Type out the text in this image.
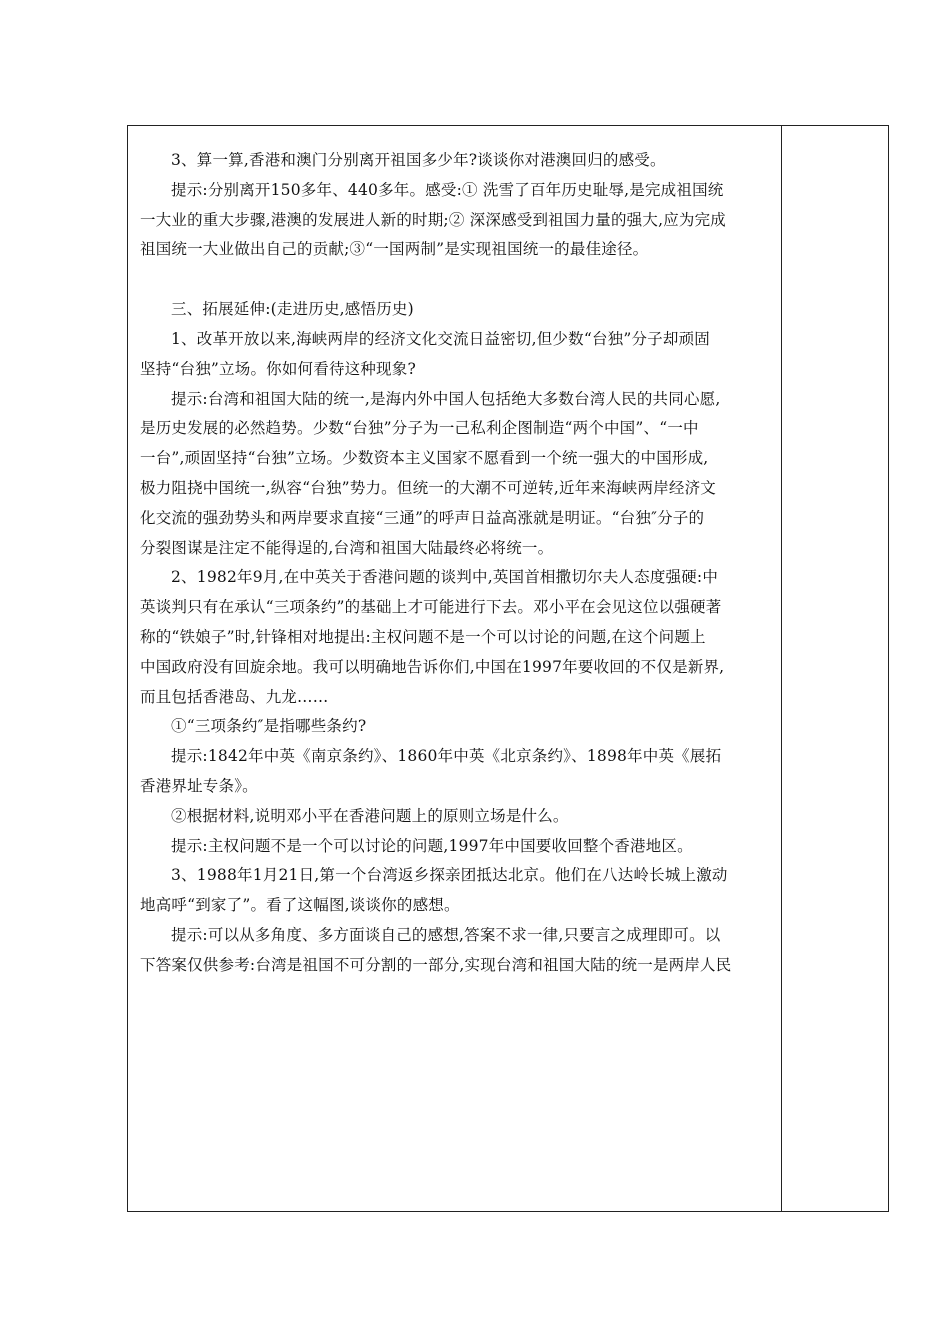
3、算一算,香港和澳门分别离开祖国多少年?谈谈你对港澳回归的感受。
提示:分别离开150多年、440多年。感受:① 洗雪了百年历史耻辱,是完成祖国统
一大业的重大步骤,港澳的发展进人新的时期;② 深深感受到祖国力量的强大,应为完成
祖国统一大业做出自己的贡献;③“一国两制”是实现祖国统一的最佳途径。
三、拓展延伸:(走进历史,感悟历史)
1、改革开放以来,海峡两岸的经济文化交流日益密切,但少数“台独”分子却顽固
坚持“台独”立场。你如何看待这种现象?
提示:台湾和祖国大陆的统一,是海内外中国人包括绝大多数台湾人民的共同心愿,
是历史发展的必然趋势。少数“台独”分子为一己私利企图制造“两个中国”、“一中
一台”,顽固坚持“台独”立场。少数资本主义国家不愿看到一个统一强大的中国形成,
极力阻挠中国统一,纵容“台独”势力。但统一的大潮不可逆转,近年来海峡两岸经济文
化交流的强劲势头和两岸要求直接“三通”的呼声日益高涨就是明证。“台独″分子的
分裂图谋是注定不能得逞的,台湾和祖国大陆最终必将统一。
2、1982年9月,在中英关于香港问题的谈判中,英国首相撒切尔夫人态度强硬:中
英谈判只有在承认“三项条约”的基础上才可能进行下去。邓小平在会见这位以强硬著
称的“铁娘子”时,针锋相对地提出:主权问题不是一个可以讨论的问题,在这个问题上
中国政府没有回旋余地。我可以明确地告诉你们,中国在1997年要收回的不仅是新界,
而且包括香港岛、九龙……
①“三项条约″是指哪些条约?
提示:1842年中英《南京条约》、1860年中英《北京条约》、1898年中英《展拓
香港界址专条》。
②根据材料,说明邓小平在香港问题上的原则立场是什么。
提示:主权问题不是一个可以讨论的问题,1997年中国要收回整个香港地区。
3、1988年1月21日,第一个台湾返乡探亲团抵达北京。他们在八达岭长城上激动
地高呼“到家了”。看了这幅图,谈谈你的感想。
提示:可以从多角度、多方面谈自己的感想,答案不求一律,只要言之成理即可。以
下答案仅供参考:台湾是祖国不可分割的一部分,实现台湾和祖国大陆的统一是两岸人民
